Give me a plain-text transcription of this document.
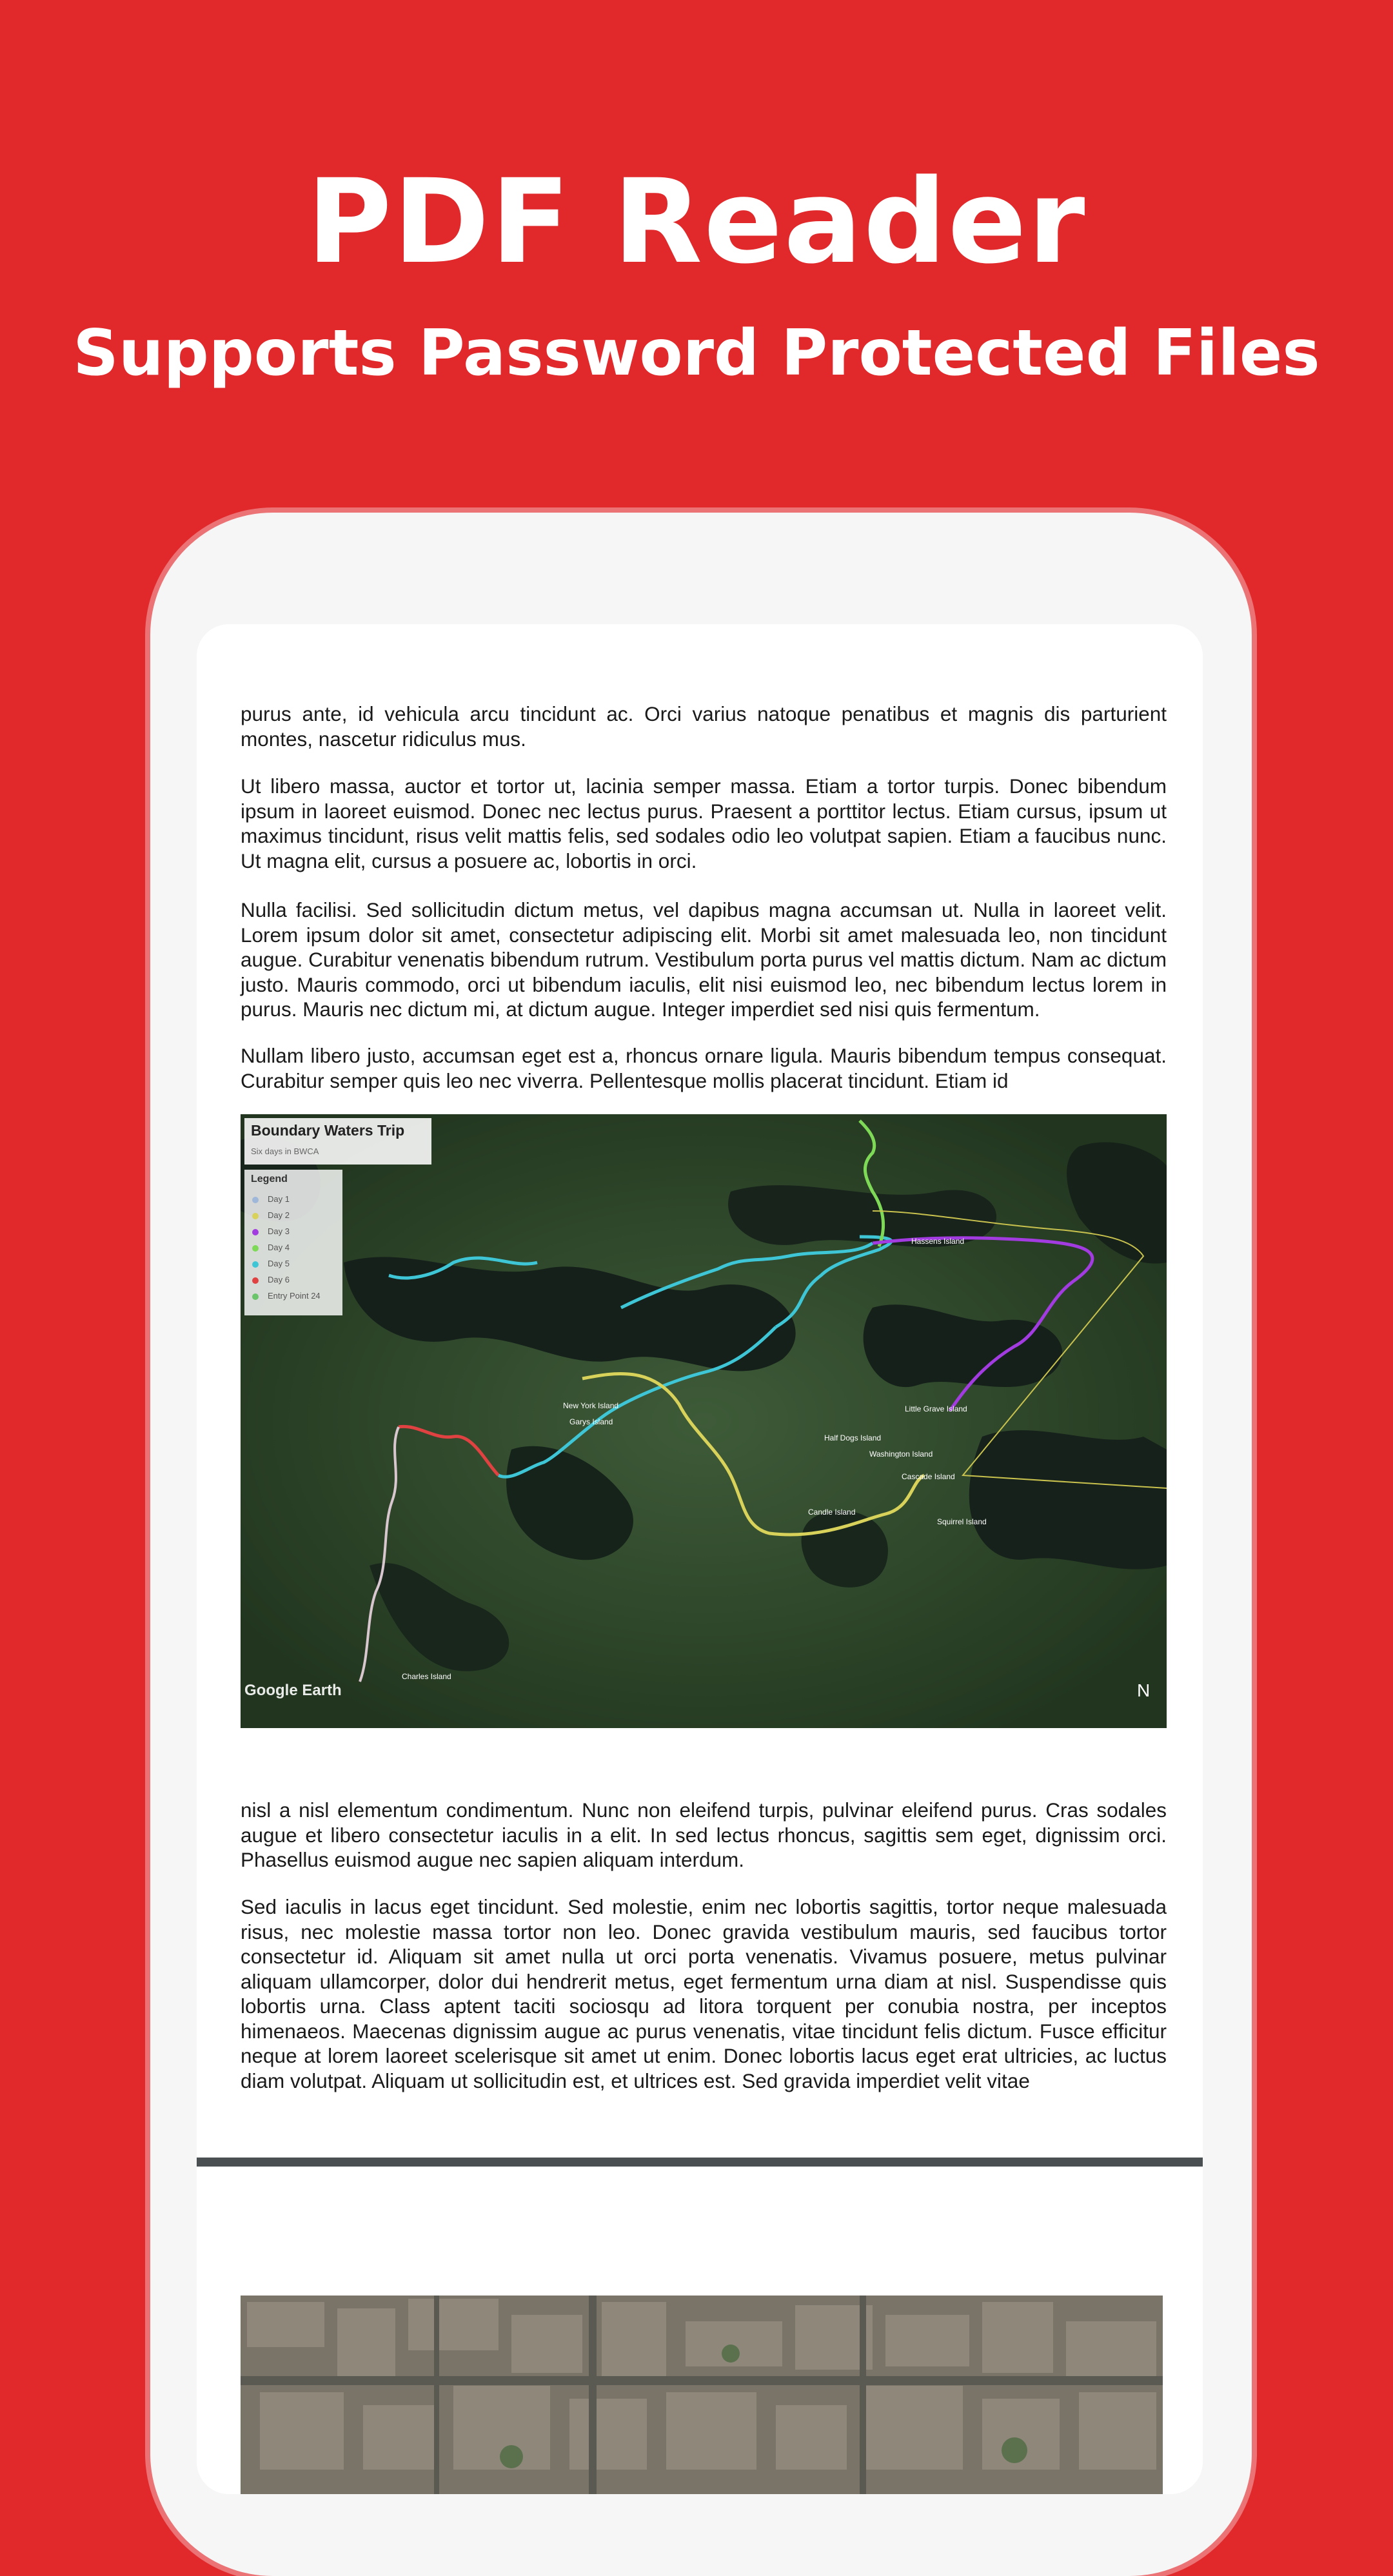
PDF Reader
Supports Password Protected Files

purus ante, id vehicula arcu tincidunt ac. Orci varius natoque penatibus et magnis dis parturient montes, nascetur ridiculus mus.

Ut libero massa, auctor et tortor ut, lacinia semper massa. Etiam a tortor turpis. Donec bibendum ipsum in laoreet euismod. Donec nec lectus purus. Praesent a porttitor lectus. Etiam cursus, ipsum ut maximus tincidunt, risus velit mattis felis, sed sodales odio leo volutpat sapien. Etiam a faucibus nunc. Ut magna elit, cursus a posuere ac, lobortis in orci.

Nulla facilisi. Sed sollicitudin dictum metus, vel dapibus magna accumsan ut. Nulla in laoreet velit. Lorem ipsum dolor sit amet, consectetur adipiscing elit. Morbi sit amet malesuada leo, non tincidunt augue. Curabitur venenatis bibendum rutrum. Vestibulum porta purus vel mattis dictum. Nam ac dictum justo. Mauris commodo, orci ut bibendum iaculis, elit nisi euismod leo, nec bibendum lectus lorem in purus. Mauris nec dictum mi, at dictum augue. Integer imperdiet sed nisi quis fermentum.

Nullam libero justo, accumsan eget est a, rhoncus ornare ligula. Mauris bibendum tempus consequat. Curabitur semper quis leo nec viverra. Pellentesque mollis placerat tincidunt. Etiam id

Boundary Waters Trip
Six days in BWCA
Legend
Day 1
Day 2
Day 3
Day 4
Day 5
Day 6
Entry Point 24
Hassens Island
New York Island
Garys Island
Little Grave Island
Half Dogs Island
Washington Island
Cascade Island
Candle Island
Squirrel Island
Charles Island
Google Earth	N

nisl a nisl elementum condimentum. Nunc non eleifend turpis, pulvinar eleifend purus. Cras sodales augue et libero consectetur iaculis in a elit. In sed lectus rhoncus, sagittis sem eget, dignissim orci. Phasellus euismod augue nec sapien aliquam interdum.

Sed iaculis in lacus eget tincidunt. Sed molestie, enim nec lobortis sagittis, tortor neque malesuada risus, nec molestie massa tortor non leo. Donec gravida vestibulum mauris, sed faucibus tortor consectetur id. Aliquam sit amet nulla ut orci porta venenatis. Vivamus posuere, metus pulvinar aliquam ullamcorper, dolor dui hendrerit metus, eget fermentum urna diam at nisl. Suspendisse quis lobortis urna. Class aptent taciti sociosqu ad litora torquent per conubia nostra, per inceptos himenaeos. Maecenas dignissim augue ac purus venenatis, vitae tincidunt felis dictum. Fusce efficitur neque at lorem laoreet scelerisque sit amet ut enim. Donec lobortis lacus eget erat ultricies, ac luctus diam volutpat. Aliquam ut sollicitudin est, et ultrices est. Sed gravida imperdiet velit vitae
